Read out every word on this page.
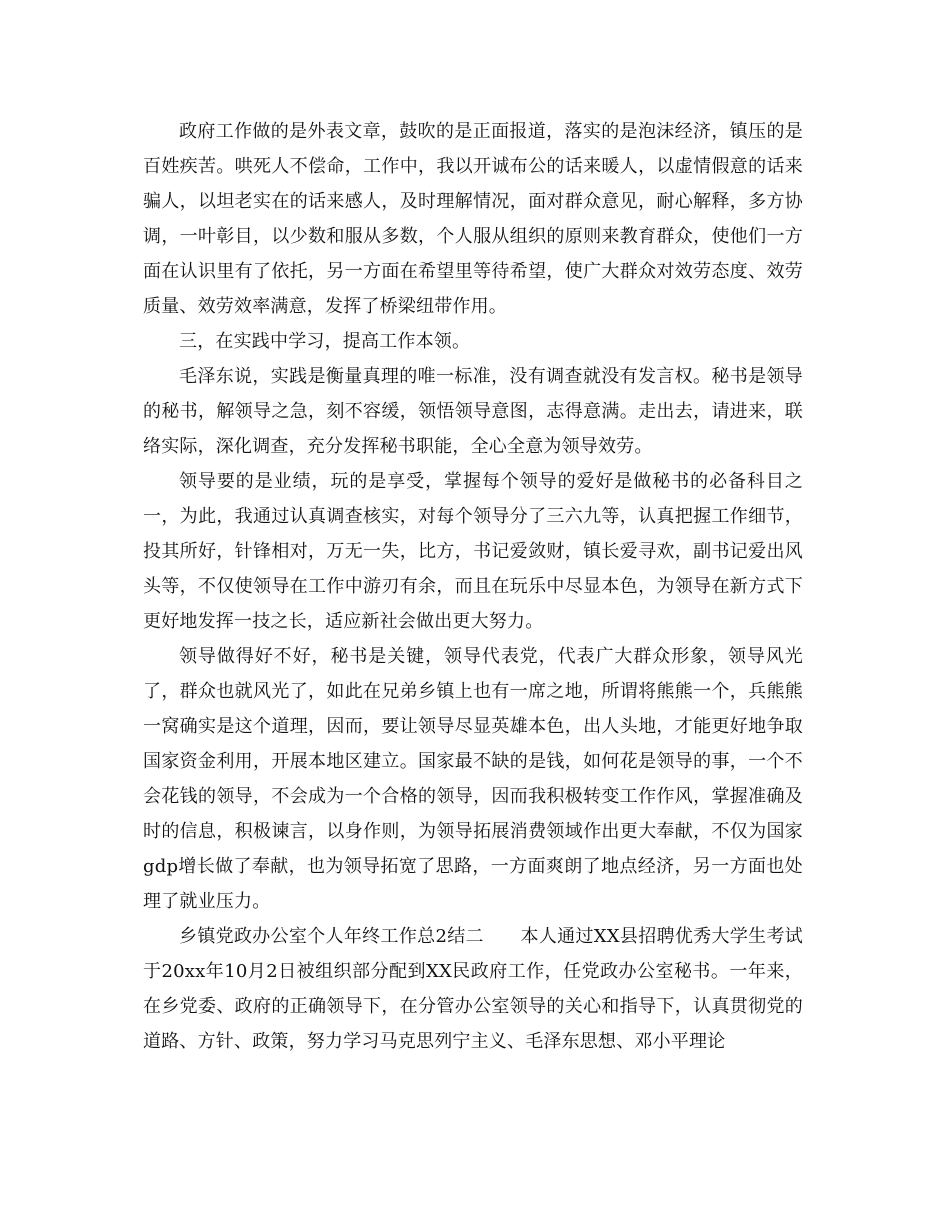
政府工作做的是外表文章，鼓吹的是正面报道，落实的是泡沫经济，镇压的是百姓疾苦。哄死人不偿命，工作中，我以开诚布公的话来暖人，以虚情假意的话来骗人，以坦老实在的话来感人，及时理解情况，面对群众意见，耐心解释，多方协调，一叶彰目，以少数和服从多数，个人服从组织的原则来教育群众，使他们一方面在认识里有了依托，另一方面在希望里等待希望，使广大群众对效劳态度、效劳质量、效劳效率满意，发挥了桥梁纽带作用。

三，在实践中学习，提高工作本领。

毛泽东说，实践是衡量真理的唯一标准，没有调查就没有发言权。秘书是领导的秘书，解领导之急，刻不容缓，领悟领导意图，志得意满。走出去，请进来，联络实际，深化调查，充分发挥秘书职能，全心全意为领导效劳。

领导要的是业绩，玩的是享受，掌握每个领导的爱好是做秘书的必备科目之一，为此，我通过认真调查核实，对每个领导分了三六九等，认真把握工作细节，投其所好，针锋相对，万无一失，比方，书记爱敛财，镇长爱寻欢，副书记爱出风头等，不仅使领导在工作中游刃有余，而且在玩乐中尽显本色，为领导在新方式下更好地发挥一技之长，适应新社会做出更大努力。

领导做得好不好，秘书是关键，领导代表党，代表广大群众形象，领导风光了，群众也就风光了，如此在兄弟乡镇上也有一席之地，所谓将熊熊一个，兵熊熊一窝确实是这个道理，因而，要让领导尽显英雄本色，出人头地，才能更好地争取国家资金利用，开展本地区建立。国家最不缺的是钱，如何花是领导的事，一个不会花钱的领导，不会成为一个合格的领导，因而我积极转变工作作风，掌握准确及时的信息，积极谏言，以身作则，为领导拓展消费领域作出更大奉献，不仅为国家gdp增长做了奉献，也为领导拓宽了思路，一方面爽朗了地点经济，另一方面也处理了就业压力。

乡镇党政办公室个人年终工作总2结二　　本人通过XX县招聘优秀大学生考试于20xx年10月2日被组织部分配到XX民政府工作，任党政办公室秘书。一年来，在乡党委、政府的正确领导下，在分管办公室领导的关心和指导下，认真贯彻党的道路、方针、政策，努力学习马克思列宁主义、毛泽东思想、邓小平理论
